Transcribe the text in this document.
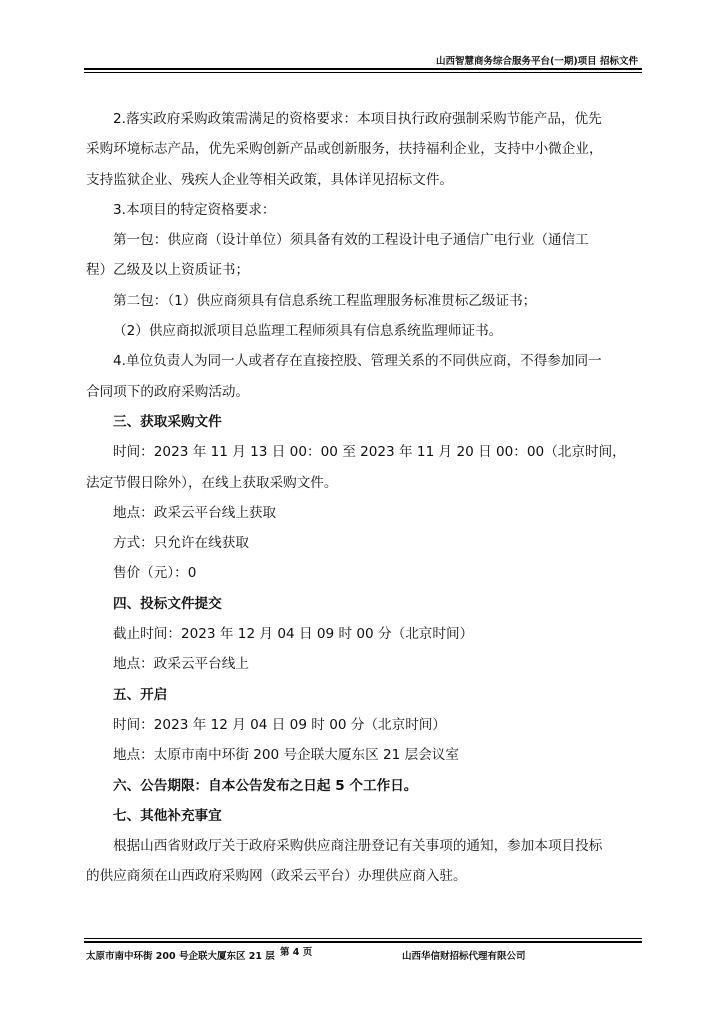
山西智慧商务综合服务平台(一期)项目 招标文件

2.落实政府采购政策需满足的资格要求：本项目执行政府强制采购节能产品，优先

采购环境标志产品，优先采购创新产品或创新服务，扶持福利企业，支持中小微企业，

支持监狱企业、残疾人企业等相关政策，具体详见招标文件。

3.本项目的特定资格要求：

第一包：供应商（设计单位）须具备有效的工程设计电子通信广电行业（通信工

程）乙级及以上资质证书；

第二包：（1）供应商须具有信息系统工程监理服务标准贯标乙级证书；

（2）供应商拟派项目总监理工程师须具有信息系统监理师证书。

4.单位负责人为同一人或者存在直接控股、管理关系的不同供应商，不得参加同一

合同项下的政府采购活动。

三、获取采购文件

时间：2023 年 11 月 13 日 00：00 至 2023 年 11 月 20 日 00：00（北京时间，

法定节假日除外），在线上获取采购文件。

地点：政采云平台线上获取

方式：只允许在线获取

售价（元）：0

四、投标文件提交

截止时间：2023 年 12 月 04 日 09 时 00 分（北京时间）

地点：政采云平台线上

五、开启

时间：2023 年 12 月 04 日 09 时 00 分（北京时间）

地点：太原市南中环街 200 号企联大厦东区 21 层会议室

六、公告期限：自本公告发布之日起 5 个工作日。

七、其他补充事宜

根据山西省财政厅关于政府采购供应商注册登记有关事项的通知，参加本项目投标

的供应商须在山西政府采购网（政采云平台）办理供应商入驻。

太原市南中环街 200 号企联大厦东区 21 层 第 4 页	山西华信财招标代理有限公司
